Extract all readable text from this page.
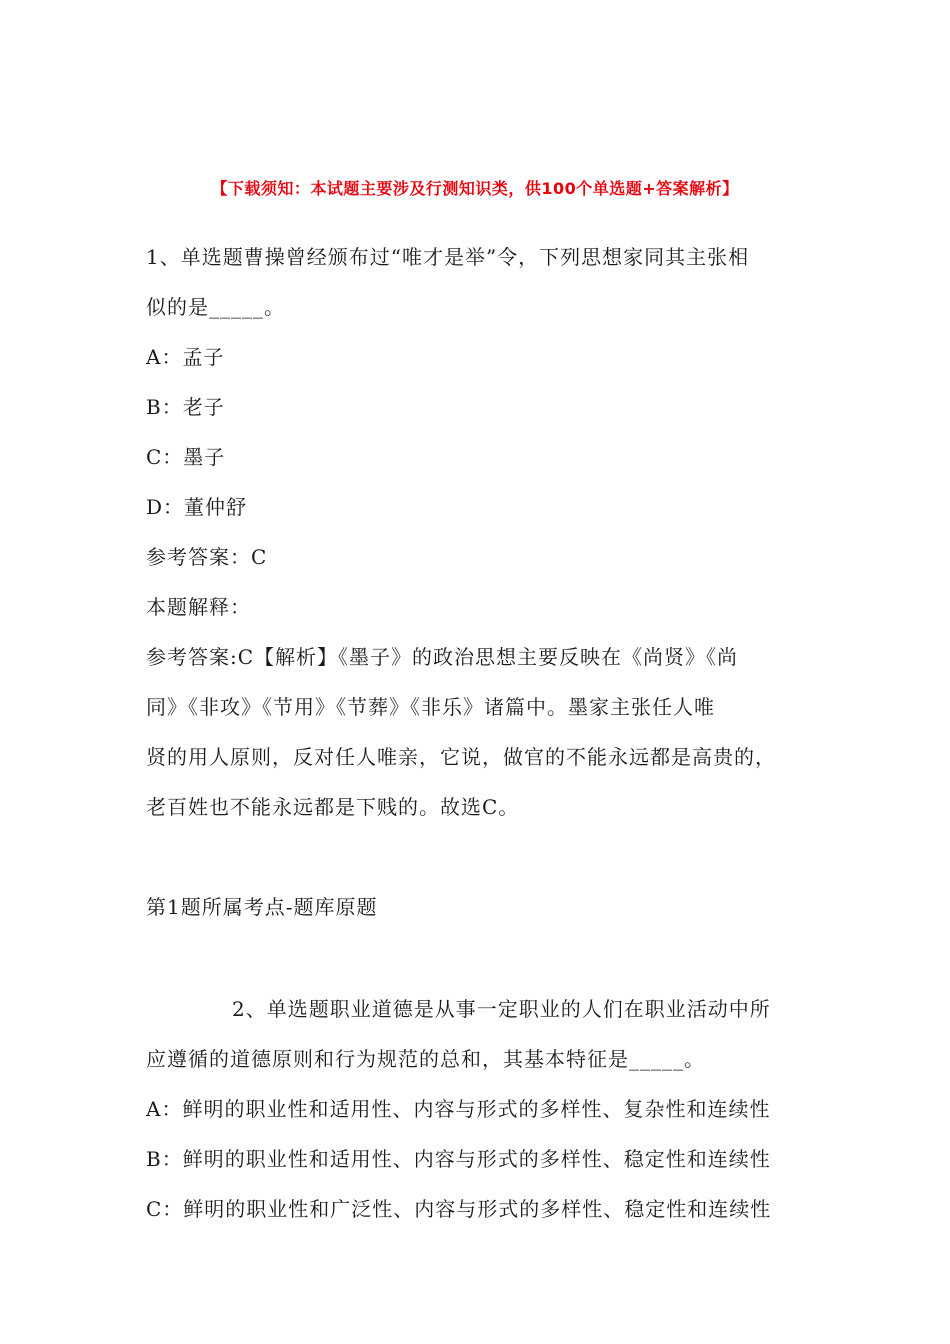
【下载须知：本试题主要涉及行测知识类，供100个单选题+答案解析】

1、单选题曹操曾经颁布过“唯才是举”令，下列思想家同其主张相

似的是_____。

A：孟子

B：老子

C：墨子

D：董仲舒

参考答案：C

本题解释：

参考答案:C【解析】《墨子》的政治思想主要反映在《尚贤》《尚

同》《非攻》《节用》《节葬》《非乐》诸篇中。墨家主张任人唯

贤的用人原则，反对任人唯亲，它说，做官的不能永远都是高贵的，

老百姓也不能永远都是下贱的。故选C。

第1题所属考点-题库原题

2、单选题职业道德是从事一定职业的人们在职业活动中所

应遵循的道德原则和行为规范的总和，其基本特征是_____。

A：鲜明的职业性和适用性、内容与形式的多样性、复杂性和连续性

B：鲜明的职业性和适用性、内容与形式的多样性、稳定性和连续性

C：鲜明的职业性和广泛性、内容与形式的多样性、稳定性和连续性
